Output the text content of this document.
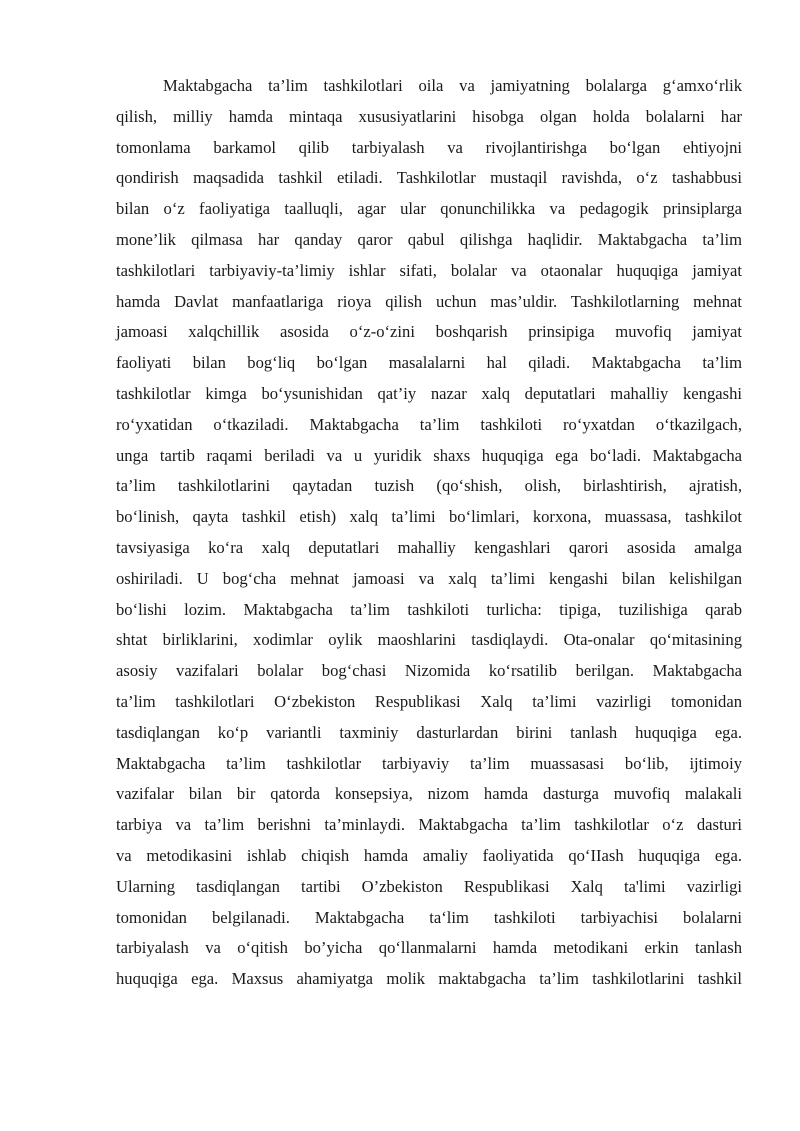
Maktabgacha ta’lim tashkilotlari oila va jamiyatning bolalarga g‘amxo‘rlik
qilish, milliy hamda mintaqa xususiyatlarini hisobga olgan holda bolalarni har
tomonlama barkamol qilib tarbiyalash va rivojlantirishga bo‘lgan ehtiyojni
qondirish maqsadida tashkil etiladi. Tashkilotlar mustaqil ravishda, o‘z tashabbusi
bilan o‘z faoliyatiga taalluqli, agar ular qonunchilikka va pedagogik prinsiplarga
mone’lik qilmasa har qanday qaror qabul qilishga haqlidir. Maktabgacha ta’lim
tashkilotlari tarbiyaviy-ta’limiy ishlar sifati, bolalar va otaonalar huquqiga jamiyat
hamda Davlat manfaatlariga rioya qilish uchun mas’uldir. Tashkilotlarning mehnat
jamoasi xalqchillik asosida o‘z-o‘zini boshqarish prinsipiga muvofiq jamiyat
faoliyati bilan bog‘liq bo‘lgan masalalarni hal qiladi. Maktabgacha ta’lim
tashkilotlar kimga bo‘ysunishidan qat’iy nazar xalq deputatlari mahalliy kengashi
ro‘yxatidan o‘tkaziladi. Maktabgacha ta’lim tashkiloti ro‘yxatdan o‘tkazilgach,
unga tartib raqami beriladi va u yuridik shaxs huquqiga ega bo‘ladi. Maktabgacha
ta’lim tashkilotlarini qaytadan tuzish (qo‘shish, olish, birlashtirish, ajratish,
bo‘linish, qayta tashkil etish) xalq ta’limi bo‘limlari, korxona, muassasa, tashkilot
tavsiyasiga ko‘ra xalq deputatlari mahalliy kengashlari qarori asosida amalga
oshiriladi. U bog‘cha mehnat jamoasi va xalq ta’limi kengashi bilan kelishilgan
bo‘lishi lozim. Maktabgacha ta’lim tashkiloti turlicha: tipiga, tuzilishiga qarab
shtat birliklarini, xodimlar oylik maoshlarini tasdiqlaydi. Ota-onalar qo‘mitasining
asosiy vazifalari bolalar bog‘chasi Nizomida ko‘rsatilib berilgan. Maktabgacha
ta’lim tashkilotlari O‘zbekiston Respublikasi Xalq ta’limi vazirligi tomonidan
tasdiqlangan ko‘p variantli taxminiy dasturlardan birini tanlash huquqiga ega.
Maktabgacha ta’lim tashkilotlar tarbiyaviy ta’lim muassasasi bo‘lib, ijtimoiy
vazifalar bilan bir qatorda konsepsiya, nizom hamda dasturga muvofiq malakali
tarbiya va ta’lim berishni ta’minlaydi. Maktabgacha ta’lim tashkilotlar o‘z dasturi
va metodikasini ishlab chiqish hamda amaliy faoliyatida qo‘IIash huquqiga ega.
Ularning tasdiqlangan tartibi O’zbekiston Respublikasi Xalq ta'limi vazirligi
tomonidan belgilanadi. Maktabgacha ta‘lim tashkiloti tarbiyachisi bolalarni
tarbiyalash va o‘qitish bo’yicha qo‘llanmalarni hamda metodikani erkin tanlash
huquqiga ega. Maxsus ahamiyatga molik maktabgacha ta’lim tashkilotlarini tashkil
